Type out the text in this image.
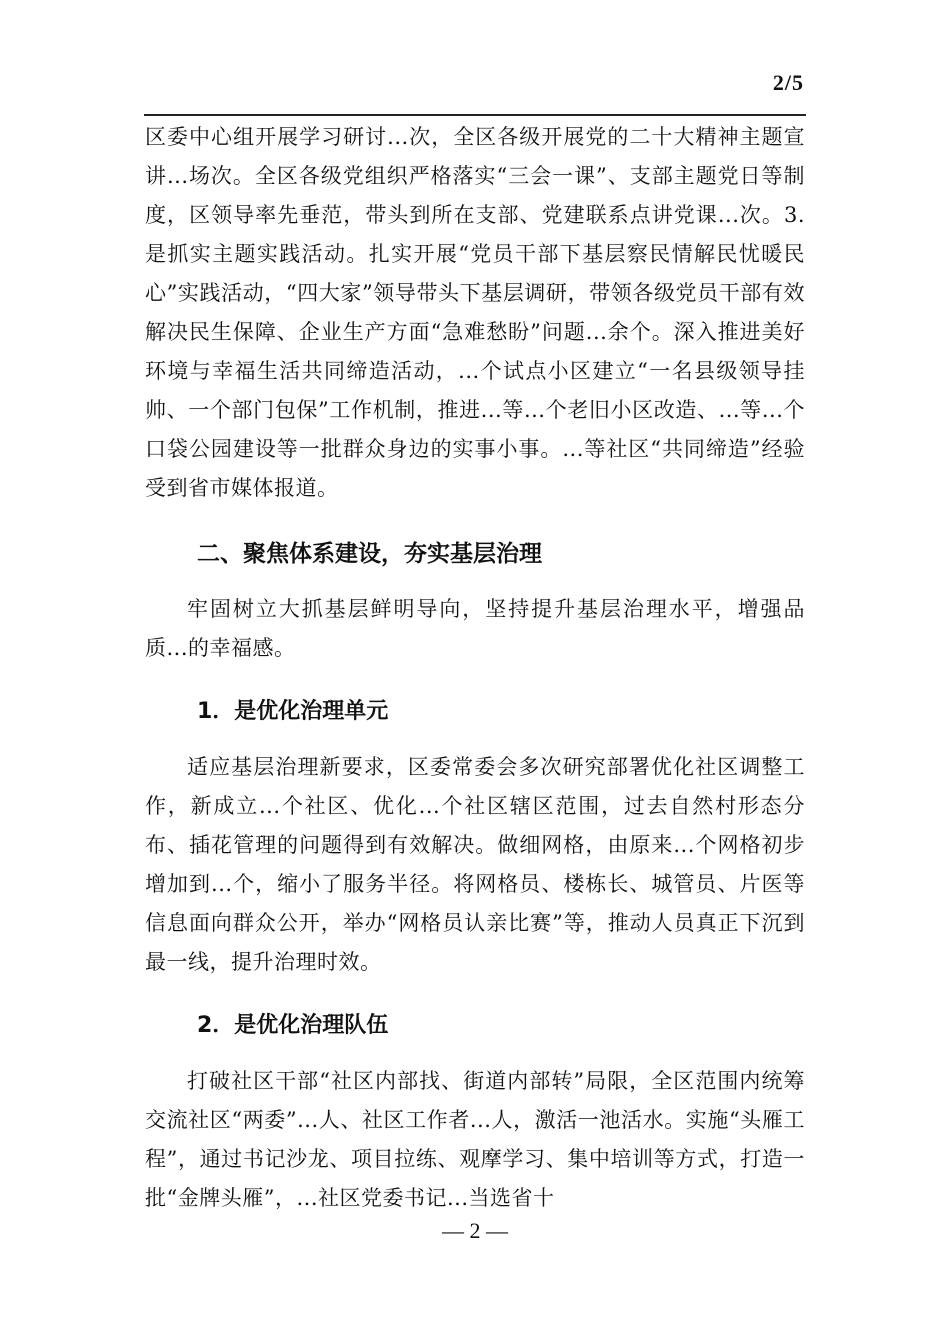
2/5

区委中心组开展学习研讨...次，全区各级开展党的二十大精神主题宣讲...场次。全区各级党组织严格落实“三会一课”、支部主题党日等制度，区领导率先垂范，带头到所在支部、党建联系点讲党课...次。3.是抓实主题实践活动。扎实开展“党员干部下基层察民情解民忧暖民心”实践活动，“四大家”领导带头下基层调研，带领各级党员干部有效解决民生保障、企业生产方面“急难愁盼”问题...余个。深入推进美好环境与幸福生活共同缔造活动，...个试点小区建立“一名县级领导挂帅、一个部门包保”工作机制，推进...等...个老旧小区改造、...等...个口袋公园建设等一批群众身边的实事小事。...等社区“共同缔造”经验受到省市媒体报道。

二、聚焦体系建设，夯实基层治理

牢固树立大抓基层鲜明导向，坚持提升基层治理水平，增强品质...的幸福感。

1．是优化治理单元

适应基层治理新要求，区委常委会多次研究部署优化社区调整工作，新成立...个社区、优化...个社区辖区范围，过去自然村形态分布、插花管理的问题得到有效解决。做细网格，由原来...个网格初步增加到...个，缩小了服务半径。将网格员、楼栋长、城管员、片医等信息面向群众公开，举办“网格员认亲比赛”等，推动人员真正下沉到最一线，提升治理时效。

2．是优化治理队伍

打破社区干部“社区内部找、街道内部转”局限，全区范围内统筹交流社区“两委”...人、社区工作者...人，激活一池活水。实施“头雁工程”，通过书记沙龙、项目拉练、观摩学习、集中培训等方式，打造一批“金牌头雁”，...社区党委书记...当选省十

— 2 —
